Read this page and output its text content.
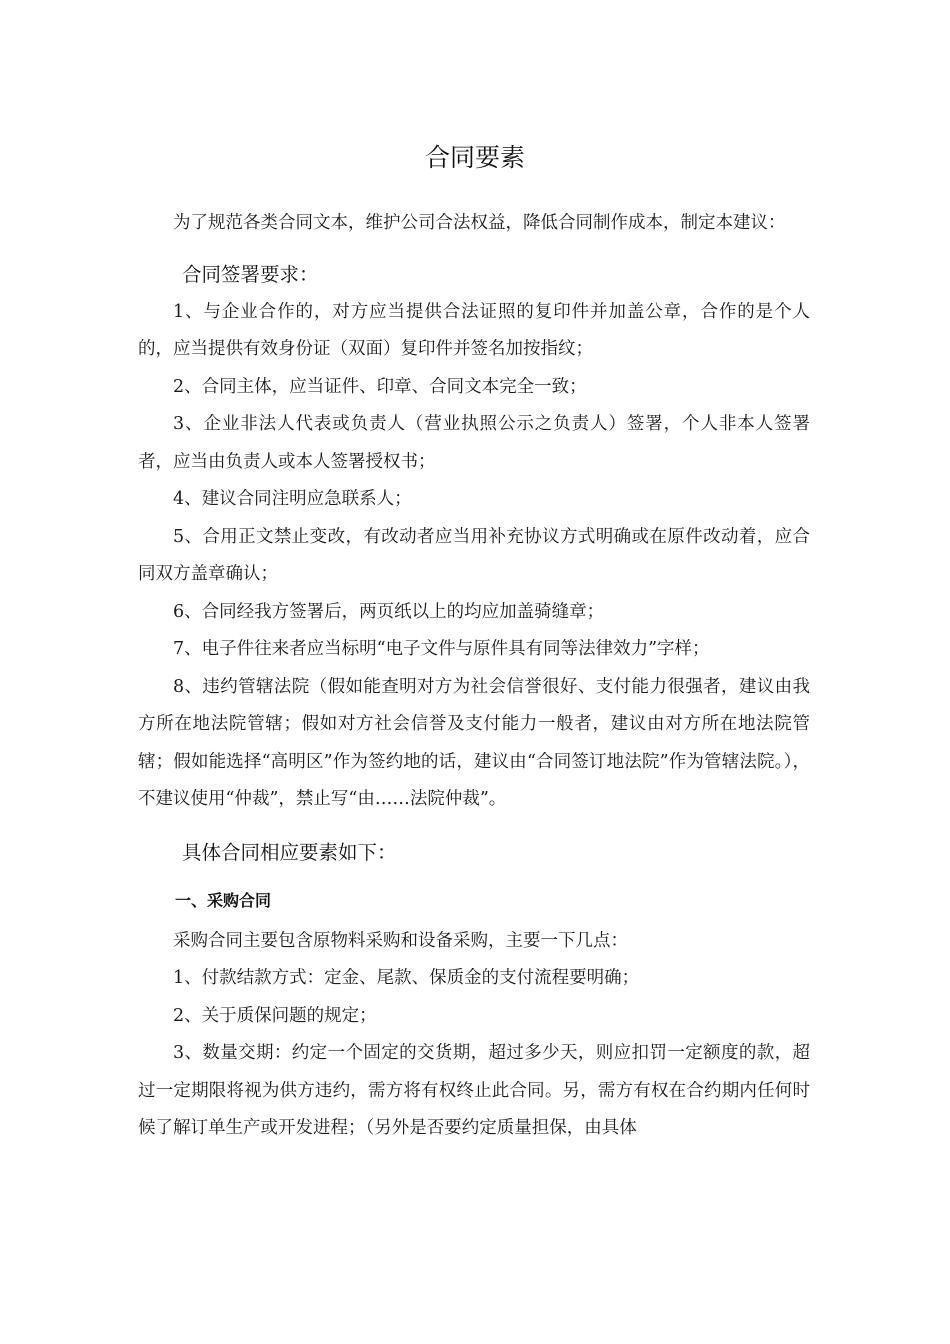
合同要素

为了规范各类合同文本，维护公司合法权益，降低合同制作成本，制定本建议：

合同签署要求：

1、与企业合作的，对方应当提供合法证照的复印件并加盖公章，合作的是个人的，应当提供有效身份证（双面）复印件并签名加按指纹；

2、合同主体，应当证件、印章、合同文本完全一致；

3、企业非法人代表或负责人（营业执照公示之负责人）签署，个人非本人签署者，应当由负责人或本人签署授权书；

4、建议合同注明应急联系人；

5、合用正文禁止变改，有改动者应当用补充协议方式明确或在原件改动着，应合同双方盖章确认；

6、合同经我方签署后，两页纸以上的均应加盖骑缝章；

7、电子件往来者应当标明“电子文件与原件具有同等法律效力”字样；

8、违约管辖法院（假如能查明对方为社会信誉很好、支付能力很强者，建议由我方所在地法院管辖；假如对方社会信誉及支付能力一般者，建议由对方所在地法院管辖；假如能选择“高明区”作为签约地的话，建议由“合同签订地法院”作为管辖法院。），不建议使用“仲裁”，禁止写“由……法院仲裁”。

具体合同相应要素如下：
一、采购合同

采购合同主要包含原物料采购和设备采购，主要一下几点：

1、付款结款方式：定金、尾款、保质金的支付流程要明确；

2、关于质保问题的规定；

3、数量交期：约定一个固定的交货期，超过多少天，则应扣罚一定额度的款，超过一定期限将视为供方违约，需方将有权终止此合同。另，需方有权在合约期内任何时候了解订单生产或开发进程；（另外是否要约定质量担保，由具体
